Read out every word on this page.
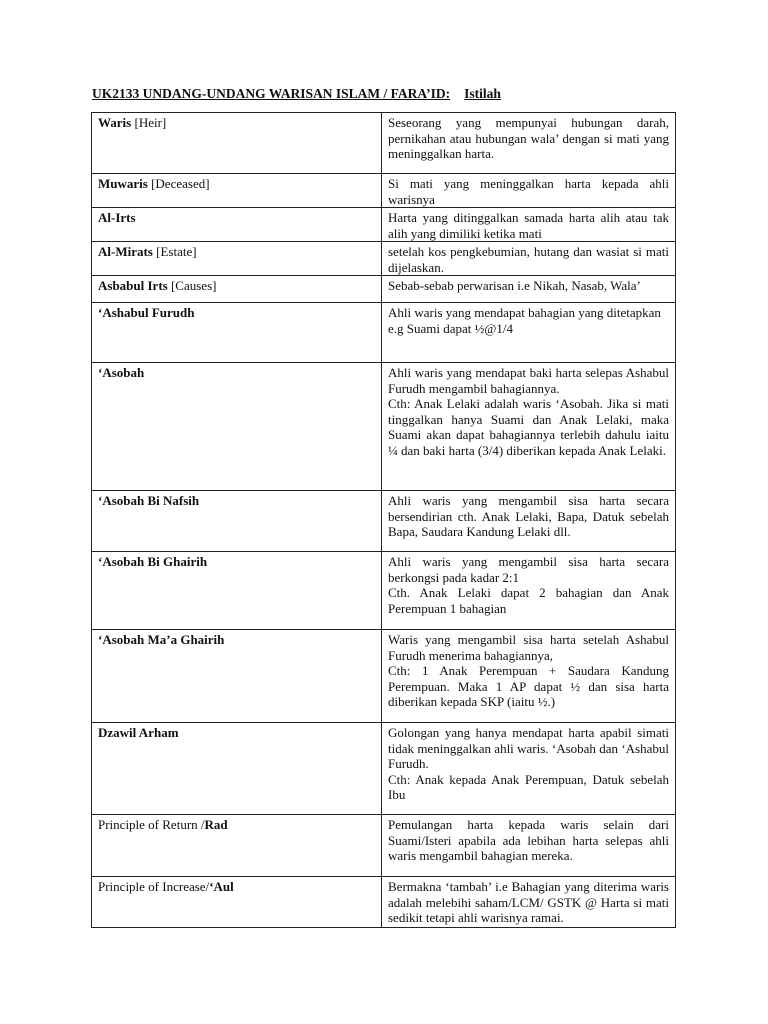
UK2133 UNDANG-UNDANG WARISAN ISLAM / FARA’ID: Istilah
Waris [Heir]	Seseorang yang mempunyai hubungan darah, pernikahan atau hubungan wala’ dengan si mati yang meninggalkan harta.

Muwaris [Deceased]	Si mati yang meninggalkan harta kepada ahli warisnya

Al-Irts	Harta yang ditinggalkan samada harta alih atau tak alih yang dimiliki ketika mati

Al-Mirats [Estate]	setelah kos pengkebumian, hutang dan wasiat si mati dijelaskan.

Asbabul Irts [Causes]	Sebab-sebab perwarisan i.e Nikah, Nasab, Wala’

‘Ashabul Furudh	Ahli waris yang mendapat bahagian yang ditetapkan
e.g Suami dapat ½@1/4

‘Asobah	Ahli waris yang mendapat baki harta selepas Ashabul Furudh mengambil bahagiannya.
Cth: Anak Lelaki adalah waris ‘Asobah. Jika si mati tinggalkan hanya Suami dan Anak Lelaki, maka Suami akan dapat bahagiannya terlebih dahulu iaitu ¼ dan baki harta (3/4) diberikan kepada Anak Lelaki.

‘Asobah Bi Nafsih	Ahli waris yang mengambil sisa harta secara bersendirian cth. Anak Lelaki, Bapa, Datuk sebelah Bapa, Saudara Kandung Lelaki dll.

‘Asobah Bi Ghairih	Ahli waris yang mengambil sisa harta secara berkongsi pada kadar 2:1
Cth. Anak Lelaki dapat 2 bahagian dan Anak Perempuan 1 bahagian

‘Asobah Ma’a Ghairih	Waris yang mengambil sisa harta setelah Ashabul Furudh menerima bahagiannya,
Cth: 1 Anak Perempuan + Saudara Kandung Perempuan. Maka 1 AP dapat ½ dan sisa harta diberikan kepada SKP (iaitu ½.)

Dzawil Arham	Golongan yang hanya mendapat harta apabil simati tidak meninggalkan ahli waris. ‘Asobah dan ‘Ashabul Furudh.
Cth: Anak kepada Anak Perempuan, Datuk sebelah Ibu

Principle of Return /Rad	Pemulangan harta kepada waris selain dari Suami/Isteri apabila ada lebihan harta selepas ahli waris mengambil bahagian mereka.

Principle of Increase/‘Aul	Bermakna ‘tambah’ i.e Bahagian yang diterima waris adalah melebihi saham/LCM/ GSTK @ Harta si mati sedikit tetapi ahli warisnya ramai.
